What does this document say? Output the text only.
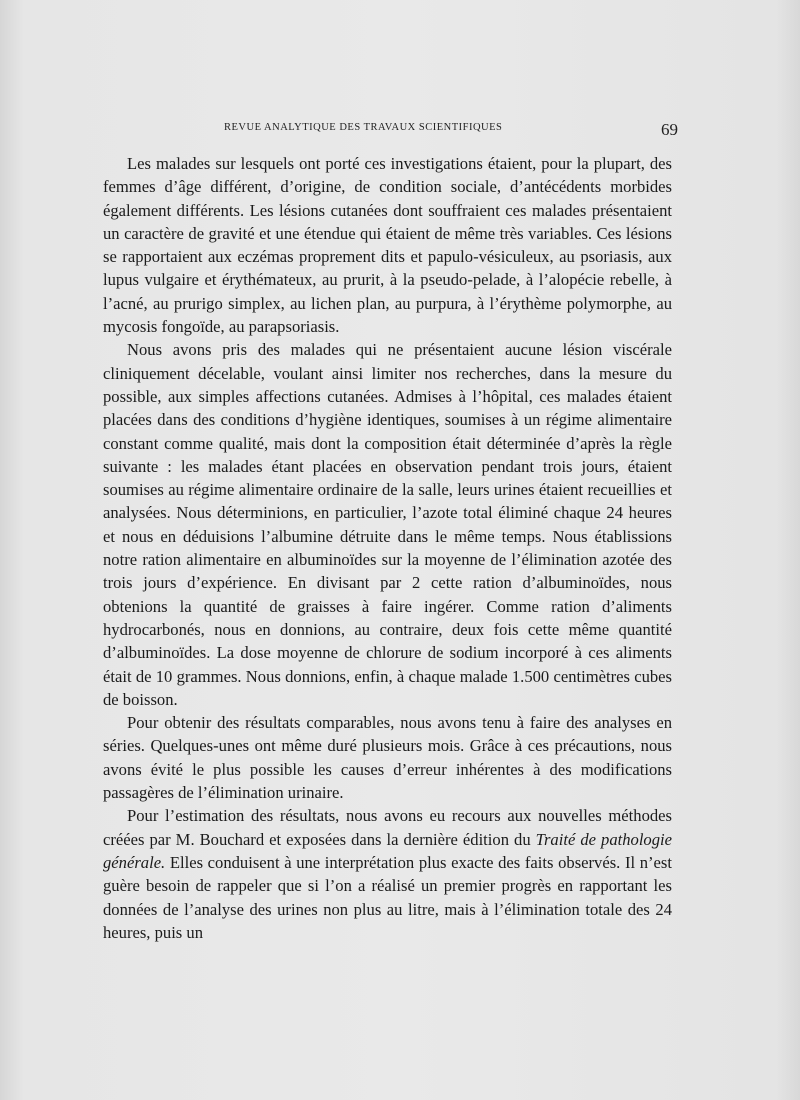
REVUE ANALYTIQUE DES TRAVAUX SCIENTIFIQUES	69

Les malades sur lesquels ont porté ces investigations étaient, pour la plupart, des femmes d’âge différent, d’origine, de condition sociale, d’antécédents morbides également différents. Les lésions cutanées dont souffraient ces malades présentaient un caractère de gravité et une étendue qui étaient de même très variables. Ces lésions se rapportaient aux eczémas proprement dits et papulo-vésiculeux, au psoriasis, aux lupus vulgaire et érythémateux, au prurit, à la pseudo-pelade, à l’alopécie rebelle, à l’acné, au prurigo simplex, au lichen plan, au purpura, à l’érythème polymorphe, au mycosis fongoïde, au parapsoriasis.

Nous avons pris des malades qui ne présentaient aucune lésion viscérale cliniquement décelable, voulant ainsi limiter nos recherches, dans la mesure du possible, aux simples affections cutanées. Admises à l’hôpital, ces malades étaient placées dans des conditions d’hygiène identiques, soumises à un régime alimentaire constant comme qualité, mais dont la composition était déterminée d’après la règle suivante : les malades étant placées en observation pendant trois jours, étaient soumises au régime alimentaire ordinaire de la salle, leurs urines étaient recueillies et analysées. Nous déterminions, en particulier, l’azote total éliminé chaque 24 heures et nous en déduisions l’albumine détruite dans le même temps. Nous établissions notre ration alimentaire en albuminoïdes sur la moyenne de l’élimination azotée des trois jours d’expérience. En divisant par 2 cette ration d’albuminoïdes, nous obtenions la quantité de graisses à faire ingérer. Comme ration d’aliments hydrocarbonés, nous en donnions, au contraire, deux fois cette même quantité d’albuminoïdes. La dose moyenne de chlorure de sodium incorporé à ces aliments était de 10 grammes. Nous donnions, enfin, à chaque malade 1.500 centimètres cubes de boisson.

Pour obtenir des résultats comparables, nous avons tenu à faire des analyses en séries. Quelques-unes ont même duré plusieurs mois. Grâce à ces précautions, nous avons évité le plus possible les causes d’erreur inhérentes à des modifications passagères de l’élimination urinaire.

Pour l’estimation des résultats, nous avons eu recours aux nouvelles méthodes créées par M. Bouchard et exposées dans la dernière édition du Traité de pathologie générale. Elles conduisent à une interprétation plus exacte des faits observés. Il n’est guère besoin de rappeler que si l’on a réalisé un premier progrès en rapportant les données de l’analyse des urines non plus au litre, mais à l’élimination totale des 24 heures, puis un
